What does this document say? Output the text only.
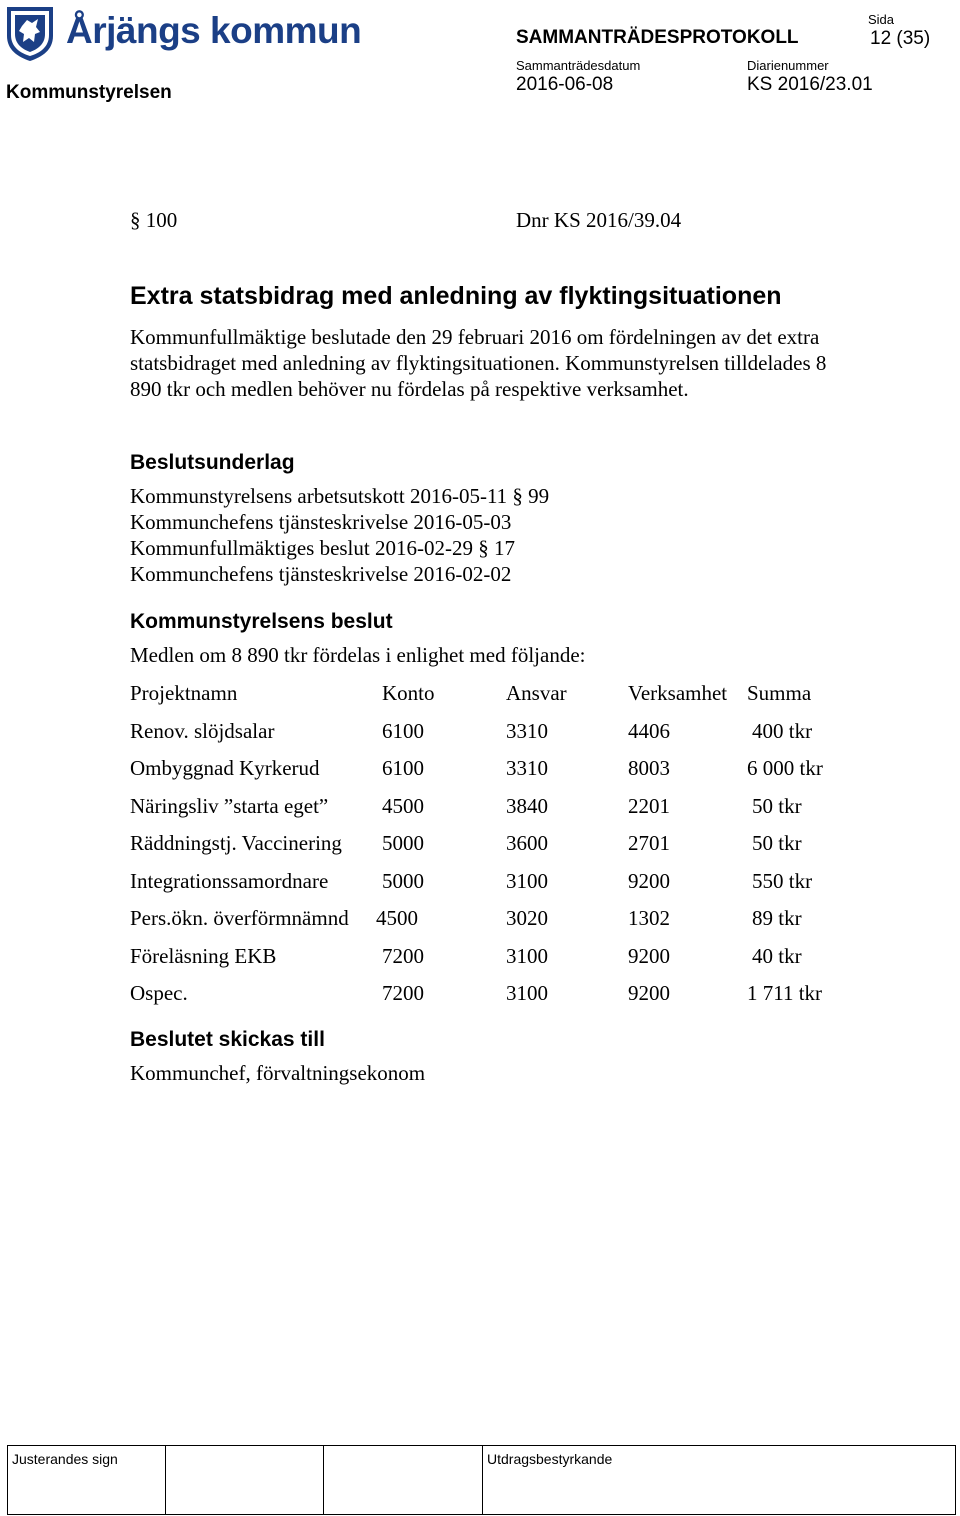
Årjängs kommun
Kommunstyrelsen
SAMMANTRÄDESPROTOKOLL
Sida
12 (35)
Sammanträdesdatum
2016-06-08
Diarienummer
KS 2016/23.01
§ 100	Dnr KS 2016/39.04
Extra statsbidrag med anledning av flyktingsituationen
Kommunfullmäktige beslutade den 29 februari 2016 om fördelningen av det extra statsbidraget med anledning av flyktingsituationen. Kommunstyrelsen tilldelades 8 890 tkr och medlen behöver nu fördelas på respektive verksamhet.
Beslutsunderlag
Kommunstyrelsens arbetsutskott 2016-05-11 § 99
Kommunchefens tjänsteskrivelse 2016-05-03
Kommunfullmäktiges beslut 2016-02-29 § 17
Kommunchefens tjänsteskrivelse 2016-02-02
Kommunstyrelsens beslut
Medlen om 8 890 tkr fördelas i enlighet med följande:
Projektnamn	Konto	Ansvar	Verksamhet Summa
Renov. slöjdsalar	6100	3310	4406	400 tkr
Ombyggnad Kyrkerud	6100	3310	8003	6 000 tkr
Näringsliv ”starta eget”	4500	3840	2201	50 tkr
Räddningstj. Vaccinering 5000	3600	2701	50 tkr
Integrationssamordnare	5000	3100	9200	550 tkr
Pers.ökn. överförmnämnd 4500	3020	1302	89 tkr
Föreläsning EKB	7200	3100	9200	40 tkr
Ospec.	7200	3100	9200	1 711 tkr
Beslutet skickas till
Kommunchef, förvaltningsekonom
Justerandes sign	Utdragsbestyrkande
